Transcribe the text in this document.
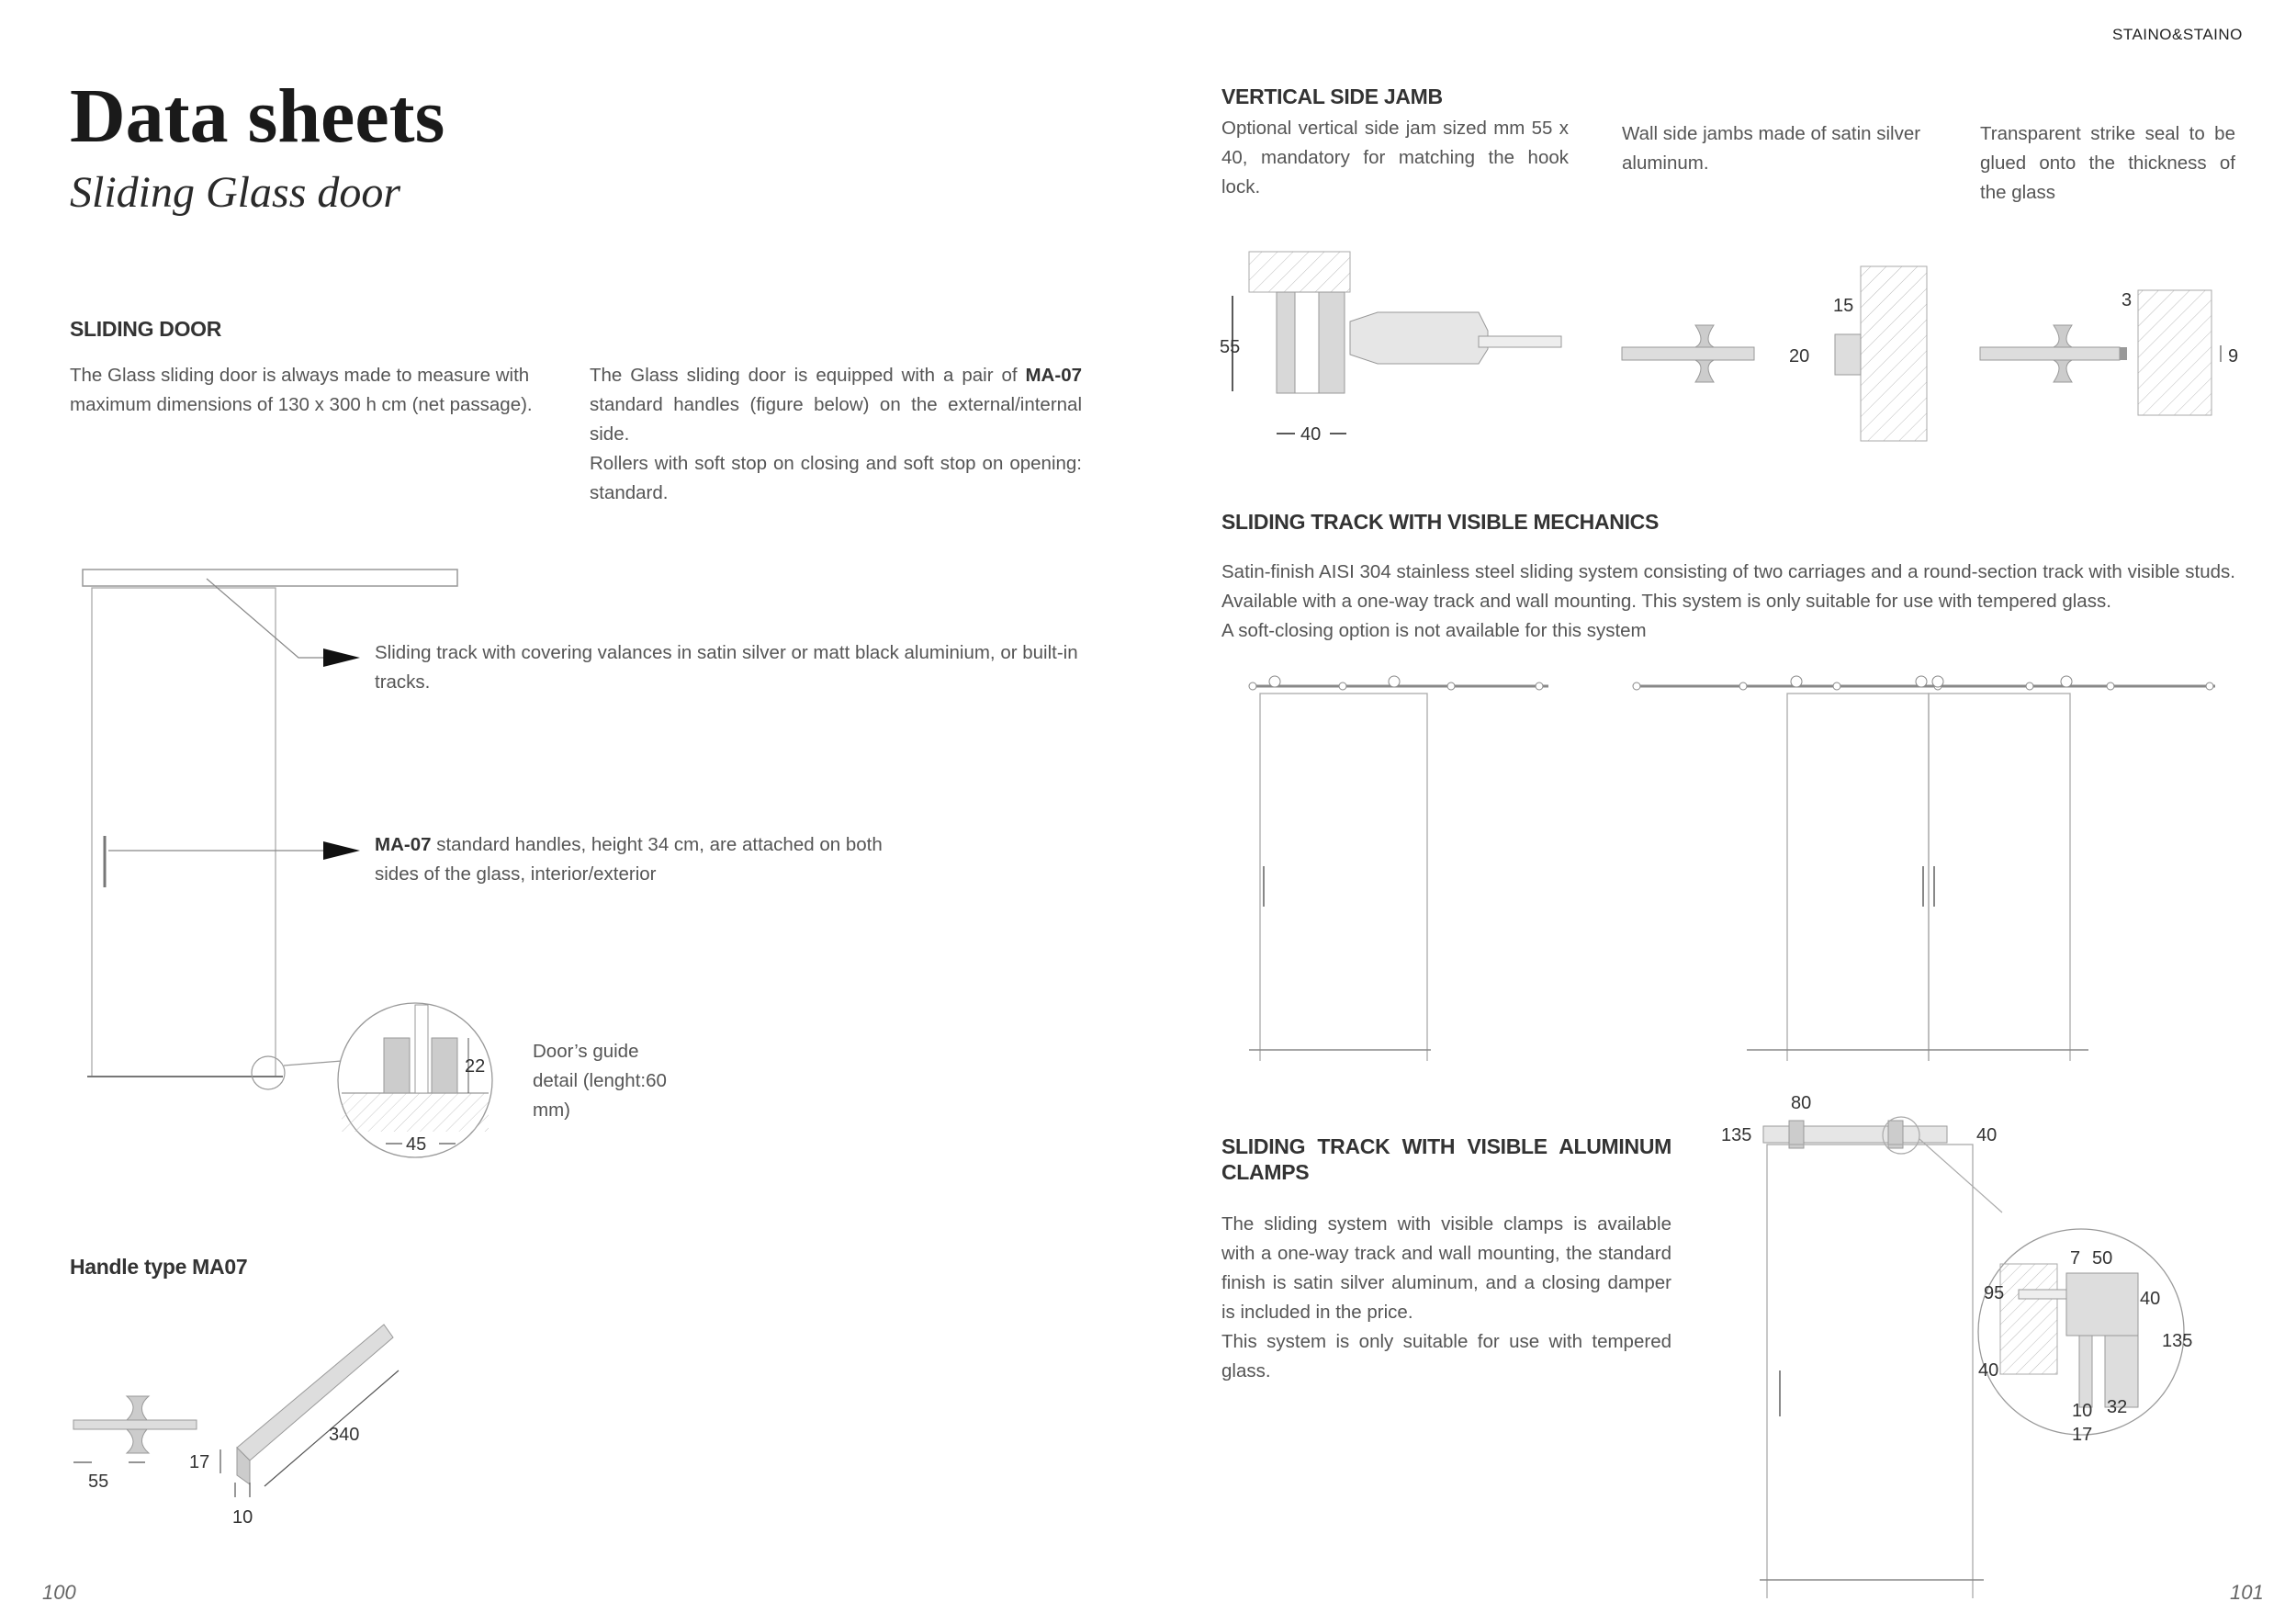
STAINO&STAINO
Data sheets
Sliding Glass door
SLIDING DOOR
The Glass sliding door is always made to measure with maximum dimensions of 130 x 300 h cm (net passage).
The Glass sliding door is equipped with a pair of MA-07 standard handles (figure below) on the external/internal side.
Rollers with soft stop on closing and soft stop on opening: standard.
22
45
Sliding track with covering valances in satin silver or matt black aluminium, or built-in tracks.
MA-07 standard handles, height 34 cm, are attached on both sides of the glass, interior/exterior
Door’s guide detail (lenght:60 mm)
Handle type MA07
55
17
340
10
VERTICAL SIDE JAMB
Optional vertical side jam sized mm 55 x 40, mandatory for matching the hook lock.
Wall side jambs made of satin silver aluminum.
Transparent strike seal to be glued onto the thickness of the glass
55
40
15
20
3
9
SLIDING TRACK WITH VISIBLE MECHANICS
Satin-finish AISI 304 stainless steel sliding system consisting of two carriages and a round-section track with visible studs. Available with a one-way track and wall mounting. This system is only suitable for use with tempered glass.
A soft-closing option is not available for this system
SLIDING TRACK WITH VISIBLE ALUMINUM CLAMPS
The sliding system with visible clamps is available with a one-way track and wall mounting, the standard finish is satin silver aluminum, and a closing damper is included in the price.
This system is only suitable for use with tempered glass.
80
135	40
7 50
95	40
135
40
10 32
17
100	101
